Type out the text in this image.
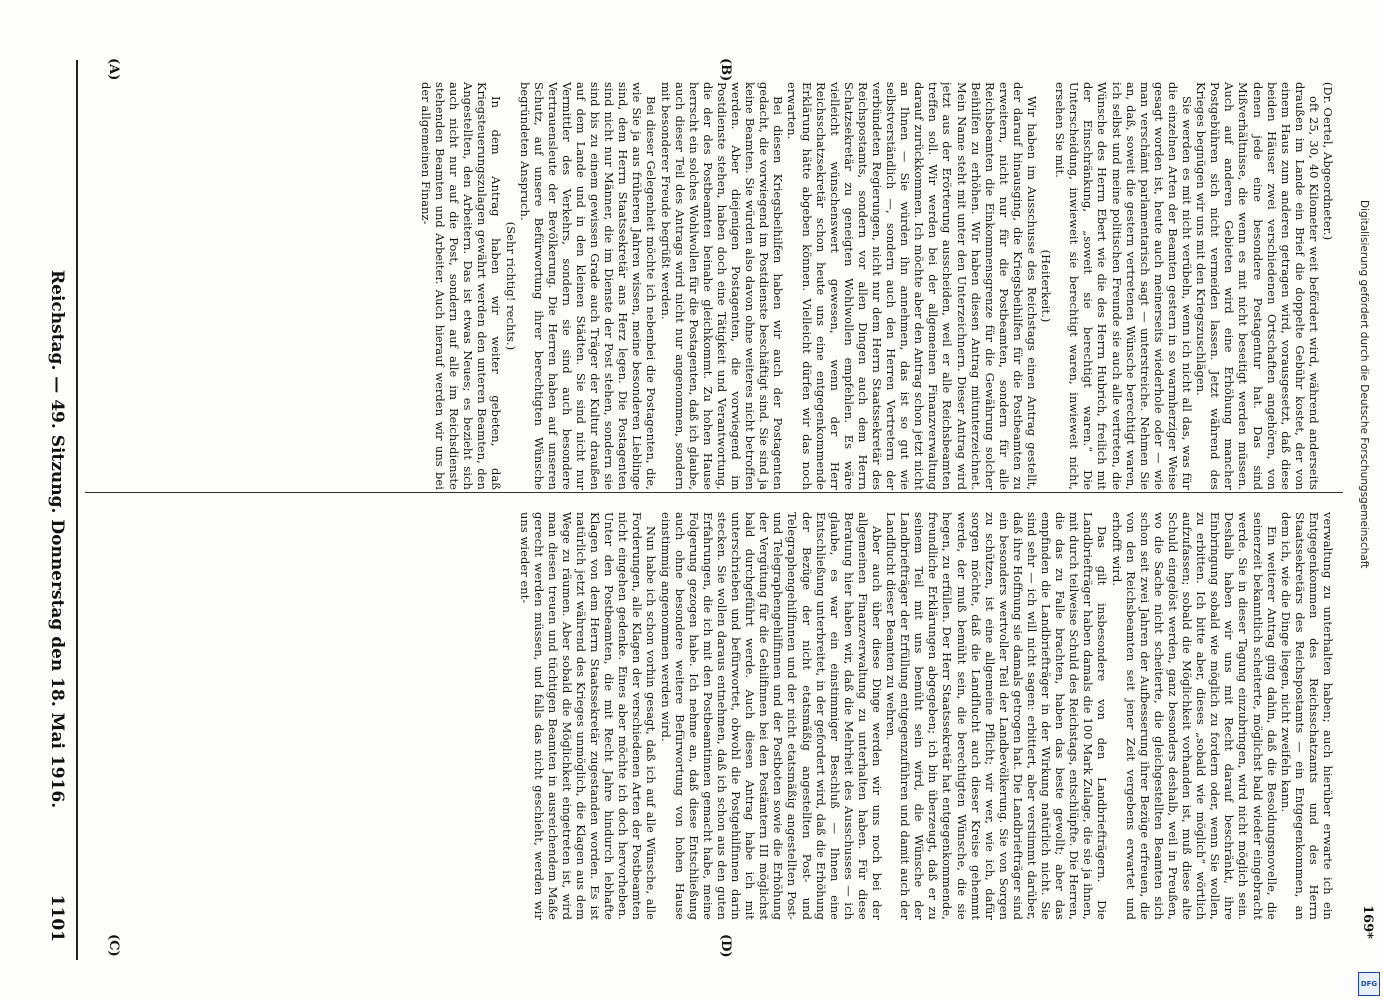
(Dr. Oertel, Abgeordneter.)

oft 25, 30, 40 Kilometer weit befördert wird, während anderseits draußen im Lande ein Brief die doppelte Gebühr kostet, der von einem Haus zum anderen getragen wird, vorausgesetzt, daß diese beiden Häuser zwei verschiedenen Ortschaften angehören, von denen jede eine besondere Postagentur hat. Das sind Mißverhältnisse, die wenn es mit nicht beseitigt werden müssen. Auch auf anderen Gebieten wird eine Erhöhung mancher Postgebühren sich nicht vermeiden lassen. Jetzt während des Krieges begnügen wir uns mit den Kriegszuschlägen.

Sie werden es mit nicht verübeln, wenn ich nicht all das, was für die einzelnen Arten der Beamten gestern in so warmherziger Weise gesagt worden ist, heute auch meinerseits wiederhole oder — wie man verschämt parlamentarisch sagt — unterstreiche. Nehmen Sie an, daß, soweit die gestern vertretenen Wünsche berechtigt waren, ich selbst und meine politischen Freunde sie auch alle vertreten, die Wünsche des Herrn Ebert wie die des Herrn Hubrich, freilich mit der Einschränkung, „soweit sie berechtigt waren.“ Die Unterscheidung, inwieweit sie berechtigt waren, inwieweit nicht, ersehen Sie mit.

(Heiterkeit.)

Wir haben im Ausschusse des Reichstags einen Antrag gestellt, der darauf hinausging, die Kriegsbeihilfen für die Postbeamten zu erweitern, nicht nur für die Postbeamten, sondern für alle Reichsbeamten die Einkommensgrenze für die Gewährung solcher Beihilfen zu erhöhen. Wir haben diesen Antrag mitunterzeichnet. Mein Name steht mit unter den Unterzeichnern. Dieser Antrag wird jetzt aus der Erörterung ausscheiden, weil er alle Reichsbeamten treffen soll. Wir werden bei der allgemeinen Finanzverwaltung darauf zurückkommen. Ich möchte aber den Antrag schon jetzt nicht an Ihnen — Sie würden ihn annehmen, das ist so gut wie selbstverständlich —, sondern auch den Herren Vertretern der verbündeten Regierungen, nicht nur dem Herrn Staatssekretär des Reichspostamts, sondern vor allen Dingen auch dem Herrn Schatzsekretär zu geneigten Wohlwollen empfehlen. Es wäre vielleicht wünschenswert gewesen, wenn der Herr Reichsschatzsekretär schon heute uns eine entgegenkommende Erklärung hätte abgeben können. Vielleicht dürfen wir das noch erwarten.

Bei diesen Kriegsbeihilfen haben wir auch der Postagenten gedacht, die vorwiegend im Postdienste beschäftigt sind. Sie sind ja keine Beamten. Sie würden also davon ohne weiteres nicht betroffen werden. Aber diejenigen Postagenten, die vorwiegend im Postdienste stehen, haben doch eine Tätigkeit und Verantwortung, die der des Postbeamten beinahe gleichkommt. Zu hohen Hause herrscht ein solches Wohlwollen für die Postagenten, daß ich glaube, auch dieser Teil des Antrags wird nicht nur angenommen, sondern mit besonderer Freude begrüßt werden.

Bei dieser Gelegenheit möchte ich nebenbei die Postagenten, die, wie Sie ja aus früheren Jahren wissen, meine besonderen Lieblinge sind, dem Herrn Staatssekretär ans Herz legen. Die Postagenten sind nicht nur Männer, die im Dienste der Post stehen, sondern sie sind bis zu einem gewissen Grade auch Träger der Kultur draußen auf dem Lande und in den kleinen Städten. Sie sind nicht nur Vermittler des Verkehrs, sondern sie sind auch besondere Vertrauensleute der Bevölkerung. Die Herren haben auf unseren Schutz, auf unsere Befürwortung ihrer berechtigten Wünsche begründeten Anspruch.

(Sehr richtig! rechts.)

In dem Antrag haben wir weiter gebeten, daß Kriegsteuerungszulagen gewährt werden den unteren Beamten, den Angestellten, den Arbeitern. Das ist etwas Neues; es bezieht sich auch nicht nur auf die Post, sondern auf alle im Reichsdienste stehenden Beamten und Arbeiter. Auch hierauf werden wir uns bei der allgemeinen Finanz-

verwaltung zu unterhalten haben; auch hierüber erwarte ich ein Entgegenkommen des Reichsschatzamts und des Herrn Staatssekretärs des Reichspostamts — ein Entgegenkommen, an dem ich, wie die Dinge liegen, nicht zweifeln kann.

Ein weiterer Antrag ging dahin, daß die Besoldungsnovelle, die seinerzeit bekanntlich scheiterte, möglichst bald wieder eingebracht werde. Sie in dieser Tagung einzubringen, wird nicht möglich sein. Deshalb haben wir uns mit Recht darauf beschränkt, ihre Einbringung sobald wie möglich zu fordern oder, wenn Sie wollen, zu erbitten. Ich bitte aber, dieses „sobald wie möglich“ wörtlich aufzufassen; sobald die Möglichkeit vorhanden ist, muß diese alte Schuld eingelöst werden, ganz besonders deshalb, weil in Preußen, wo die Sache nicht scheiterte, die gleichgestellten Beamten sich schon seit zwei Jahren der Aufbesserung ihrer Bezüge erfreuen, die von den Reichsbeamten seit jener Zeit vergebens erwartet und erhofft wird.

Das gilt insbesondere von den Landbriefträgern. Die Landbriefträger haben damals die 100 Mark Zulage, die sie ja ihnen, mit durch teilweise Schuld des Reichstags, entschlüpfte. Die Herren, die das zu Falle brachten, haben das beste gewollt; aber das empfinden die Landbriefträger in der Wirkung natürlich nicht. Sie sind sehr — ich will nicht sagen: erbittert, aber verstimmt darüber, daß ihre Hoffnung sie damals getrogen hat. Die Landbriefträger sind ein besonders wertvoller Teil der Landbevölkerung. Sie von Sorgen zu schützen, ist eine allgemeine Pflicht; wir wer, wie ich, dafür sorgen möchte, daß die Landflucht auch dieser Kreise gehemmt werde, der muß bemüht sein, die berechtigten Wünsche, die sie hegen, zu erfüllen. Der Herr Staatssekretär hat entgegenkommende, freundliche Erklärungen abgegeben; ich bin überzeugt, daß er zu seinem Teil mit uns bemüht sein wird, die Wünsche der Landbriefträger der Erfüllung entgegenzuführen und damit auch der Landflucht dieser Beamten zu wehren.

Aber auch über diese Dinge werden wir uns noch bei der allgemeinen Finanzverwaltung zu unterhalten haben. Für diese Beratung hier haben wir, daß die Mehrheit des Ausschusses — ich glaube, es war ein einstimmiger Beschluß — Ihnen eine Entschließung unterbreitet, in der gefordert wird, daß die Erhöhung der Bezüge der nicht etatsmäßig angestellten Post- und Telegraphengehilfinnen und der nicht etatsmäßig angestellten Post- und Telegraphengehilfinnen und der Postboten sowie die Erhöhung der Vergütung für die Gehilfinnen bei den Postämtern III möglichst bald durchgeführt werde. Auch diesen Antrag habe ich mit unterschrieben und befürwortet, obwohl die Postgehilfinnen darin stecken. Sie wollen daraus entnehmen, daß ich schon aus den guten Erfahrungen, die ich mit den Postbeamtinnen gemacht habe, meine Folgerung gezogen habe. Ich nehme an, daß diese Entschließung auch ohne besondere weitere Befürwortung von hohen Hause einstimmig angenommen werden wird.

Nun habe ich schon vorhin gesagt, daß ich auf alle Wünsche, alle Forderungen, alle Klagen der verschiedenen Arten der Postbeamten nicht eingehen gedenke. Eines aber möchte ich doch hervorheben. Unter den Postbeamten, die mit Recht Jahre hindurch lebhafte Klagen von dem Herrn Staatssekretär zugestanden worden. Es ist natürlich jetzt während des Krieges unmöglich, die Klagen aus dem Wege zu räumen. Aber sobald die Möglichkeit eingetreten ist, wird man diesen treuen und tüchtigen Beamten in ausreichendem Maße gerecht werden müssen, und falls das nicht geschieht, werden wir uns wieder ent-

Reichstag. — 49. Sitzung. Donnerstag den 18. Mai 1916.
1101
(A)	(B)
(C)	(D)
169*
Digitalisierung gefördert durch die Deutsche Forschungsgemeinschaft
DFG
